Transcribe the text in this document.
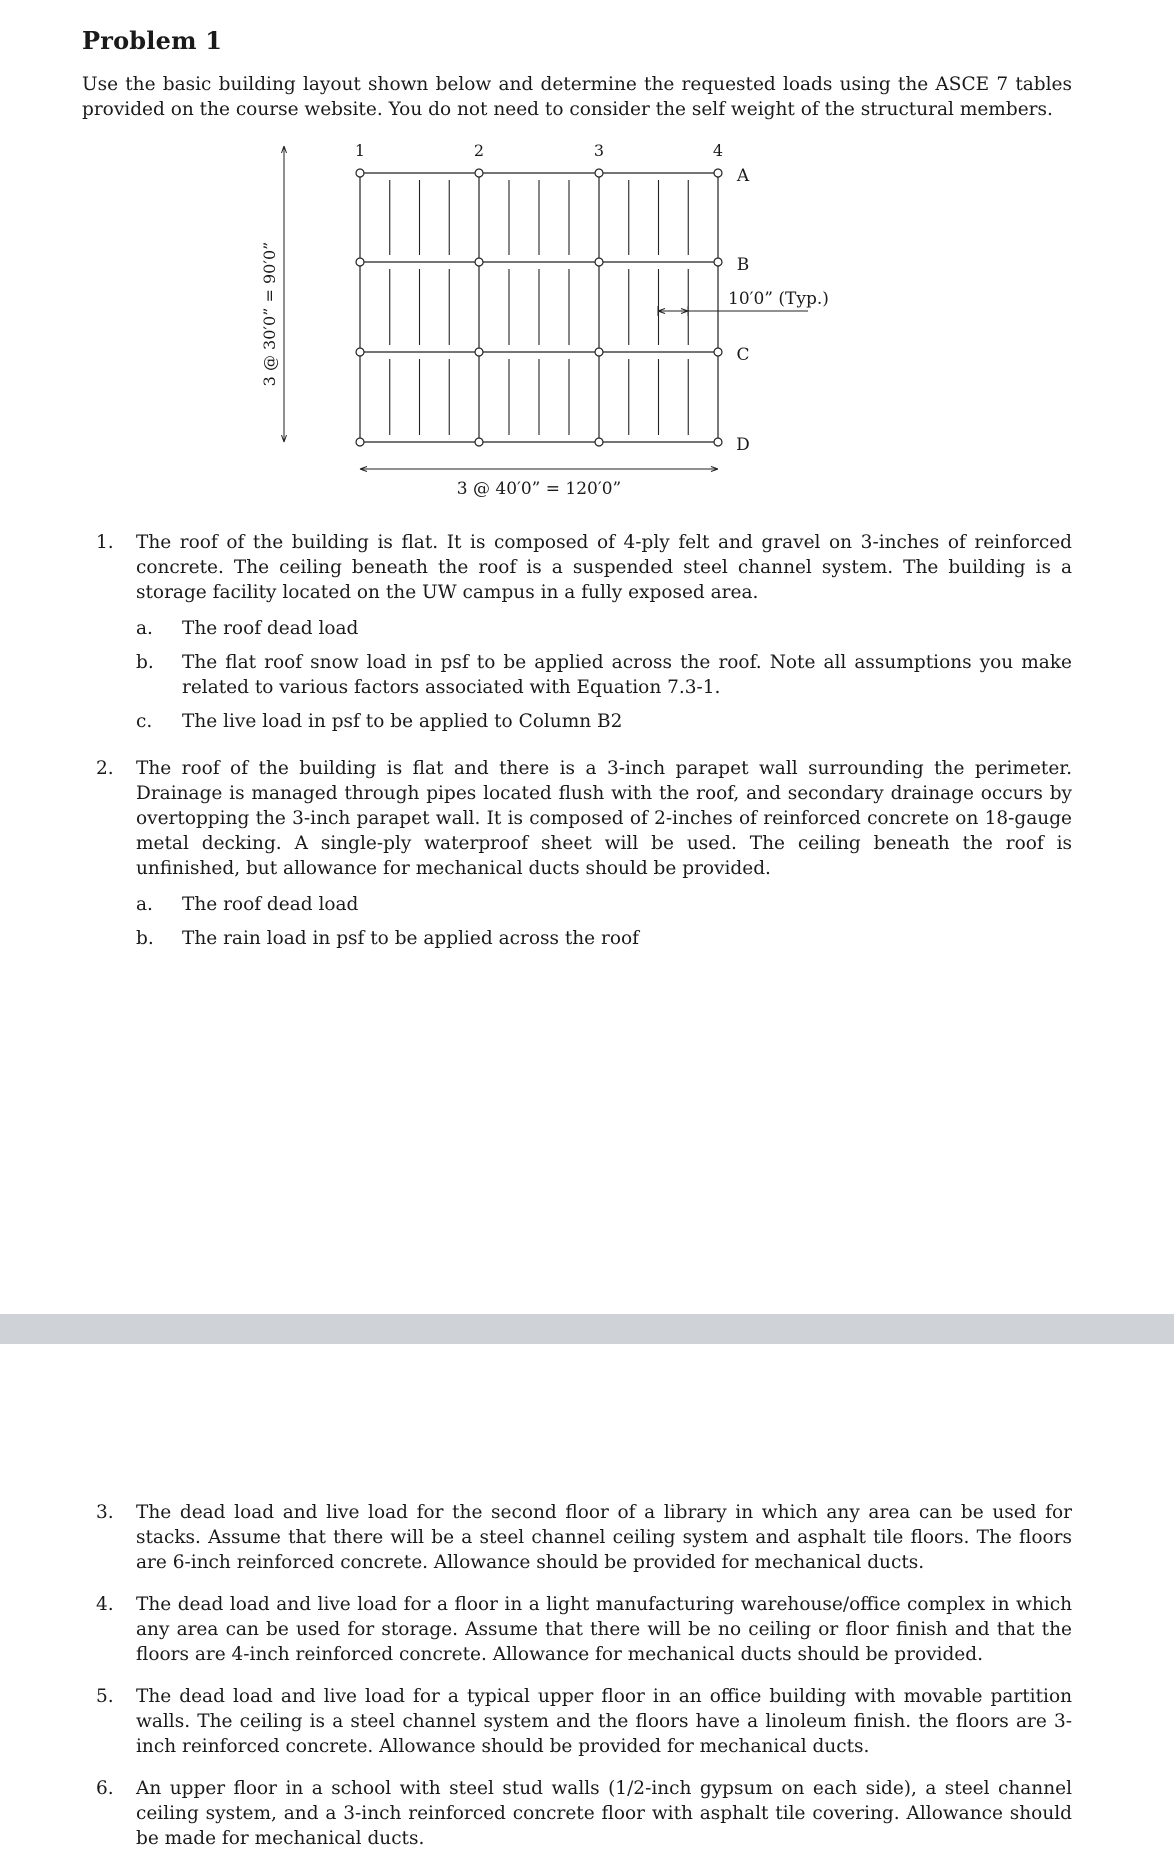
Problem 1

Use the basic building layout shown below and determine the requested loads using the ASCE 7 tables provided on the course website. You do not need to consider the self weight of the structural members.

1	2	3	4
A
B
C
D
10′0” (Typ.)
3 @ 30′0” = 90′0”
3 @ 40′0” = 120′0”
1.	The roof of the building is flat. It is composed of 4-ply felt and gravel on 3-inches of reinforced concrete. The ceiling beneath the roof is a suspended steel channel system. The building is a storage facility located on the UW campus in a fully exposed area.
a.	The roof dead load
b.	The flat roof snow load in psf to be applied across the roof. Note all assumptions you make related to various factors associated with Equation 7.3-1.
c.	The live load in psf to be applied to Column B2
2.	The roof of the building is flat and there is a 3-inch parapet wall surrounding the perimeter. Drainage is managed through pipes located flush with the roof, and secondary drainage occurs by overtopping the 3-inch parapet wall. It is composed of 2-inches of reinforced concrete on 18-gauge metal decking. A single-ply waterproof sheet will be used. The ceiling beneath the roof is unfinished, but allowance for mechanical ducts should be provided.
a.	The roof dead load
b.	The rain load in psf to be applied across the roof
3.	The dead load and live load for the second floor of a library in which any area can be used for stacks. Assume that there will be a steel channel ceiling system and asphalt tile floors. The floors are 6-inch reinforced concrete. Allowance should be provided for mechanical ducts.
4.	The dead load and live load for a floor in a light manufacturing warehouse/office complex in which any area can be used for storage. Assume that there will be no ceiling or floor finish and that the floors are 4-inch reinforced concrete. Allowance for mechanical ducts should be provided.
5.	The dead load and live load for a typical upper floor in an office building with movable partition walls. The ceiling is a steel channel system and the floors have a linoleum finish. the floors are 3-inch reinforced concrete. Allowance should be provided for mechanical ducts.
6.	An upper floor in a school with steel stud walls (1/2-inch gypsum on each side), a steel channel ceiling system, and a 3-inch reinforced concrete floor with asphalt tile covering. Allowance should be made for mechanical ducts.
